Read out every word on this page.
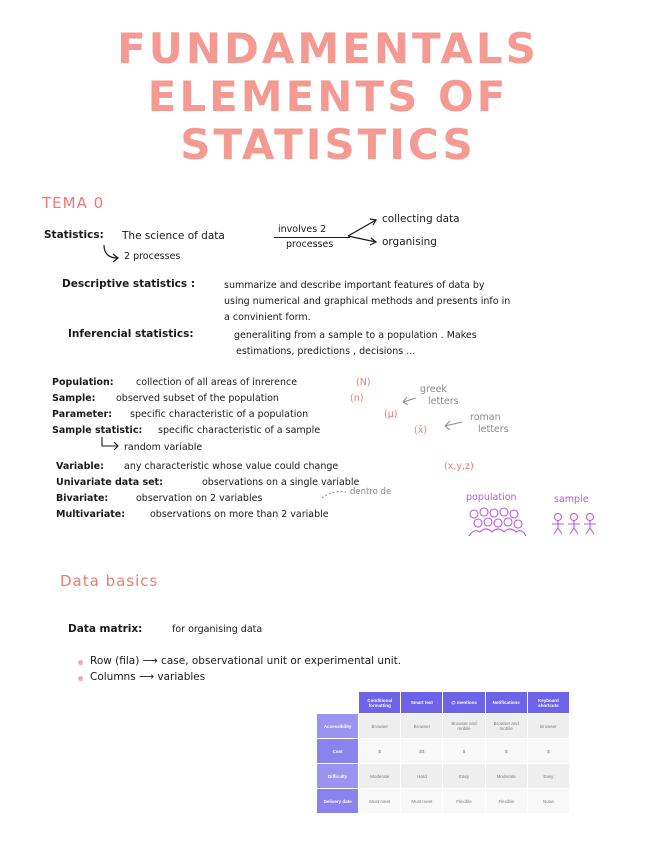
FUNDAMENTALS
ELEMENTS OF
STATISTICS
TEMA 0
Statistics: The science of data
involves 2
processes
collecting data
organising
2 processes
Descriptive statistics :	summarize and describe important features of data by
using numerical and graphical methods and presents info in
a convinient form.
Inferencial statistics:	generaliting from a sample to a population . Makes
estimations, predictions , decisions ...
Population: collection of all areas of inrerence	(N)
Sample: observed subset of the population	(n)
Parameter: specific characteristic of a population	(μ)
Sample statistic: specific characteristic of a sample	(x̄)
random variable
greek
letters
roman
letters
Variable: any characteristic whose value could change	(x,y,z)
Univariate data set:	observations on a single variable
Bivariate:	observation on 2 variables
dentro de
Multivariate:	observations on more than 2 variable
population	sample
Data basics
Data matrix:	for organising data
Row (fila) ⟶ case, observational unit or experimental unit.
Columns ⟶ variables
	Conditional formatting	Smart text	@ mentions	Notifications	Keyboard shortcuts
Accessibility	Browser	Browser	Browser and mobile	Browser and mobile	Browser
Cost	$	$$	$	$	$
Difficulty	Moderate	Hard	Easy	Moderate	Easy
Delivery date	Must meet	Must meet	Flexible	Flexible	None
